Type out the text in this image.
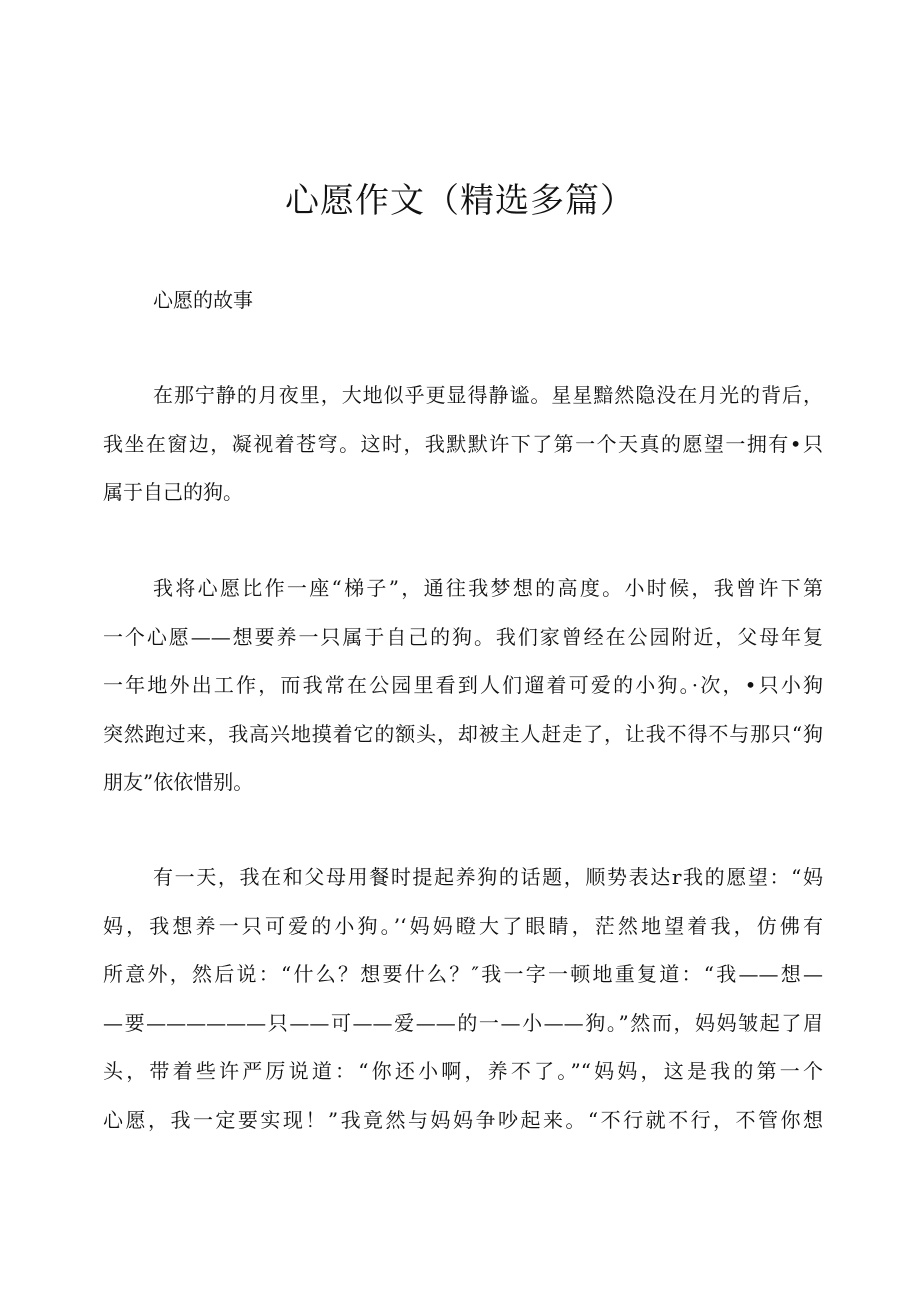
心愿作文（精选多篇）
心愿的故事

在那宁静的月夜里，大地似乎更显得静谧。星星黯然隐没在月光的背后，
我坐在窗边，凝视着苍穹。这时，我默默许下了第一个天真的愿望一拥有•只
属于自己的狗。

我将心愿比作一座“梯子”，通往我梦想的高度。小时候，我曾许下第
一个心愿——想要养一只属于自己的狗。我们家曾经在公园附近，父母年复
一年地外出工作，而我常在公园里看到人们遛着可爱的小狗。·次，•只小狗
突然跑过来，我高兴地摸着它的额头，却被主人赶走了，让我不得不与那只“狗
朋友”依依惜别。

有一天，我在和父母用餐时提起养狗的话题，顺势表达r我的愿望：“妈
妈，我想养一只可爱的小狗。’‘妈妈瞪大了眼睛，茫然地望着我，仿佛有
所意外，然后说：“什么？想要什么？″我一字一顿地重复道：“我——想—
—要——————只——可——爱——的一—小——狗。”然而，妈妈皱起了眉
头，带着些许严厉说道：“你还小啊，养不了。”“妈妈，这是我的第一个
心愿，我一定要实现！”我竟然与妈妈争吵起来。“不行就不行，不管你想
